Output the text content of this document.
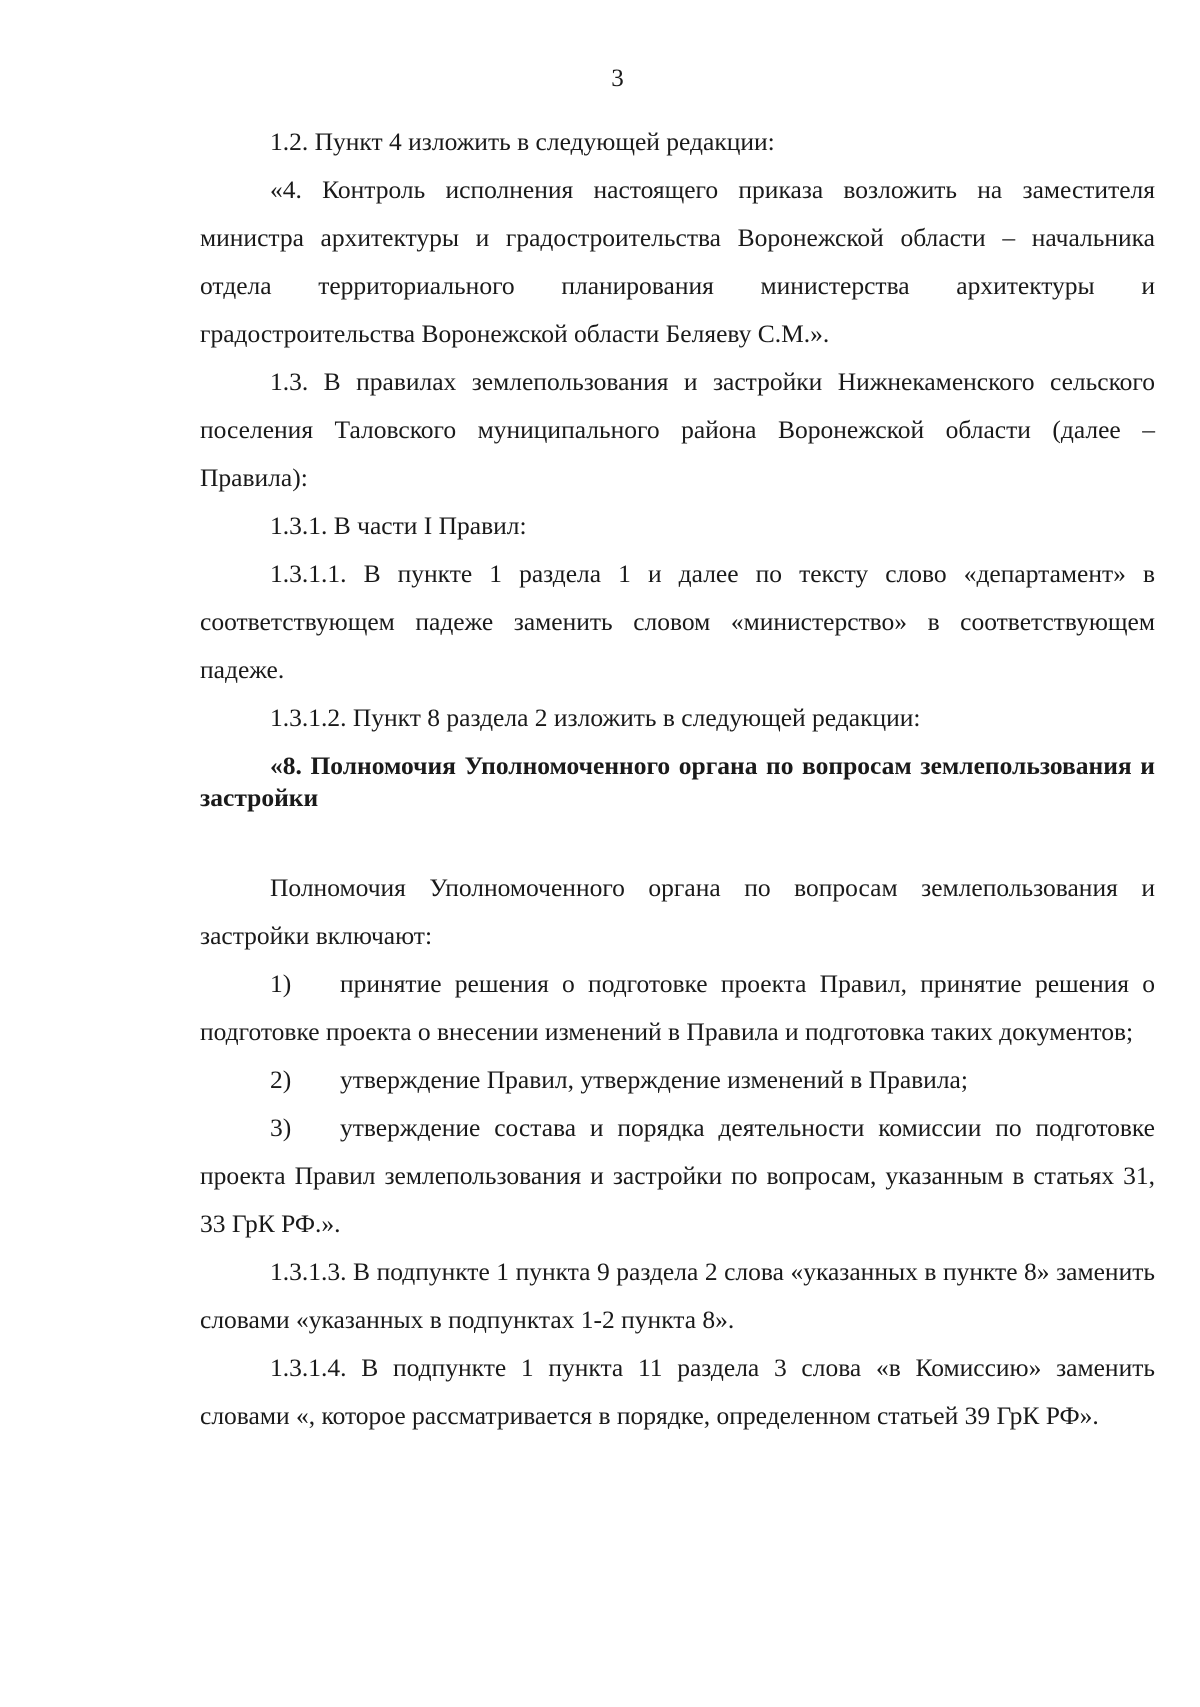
3

1.2. Пункт 4 изложить в следующей редакции:

«4. Контроль исполнения настоящего приказа возложить на заместителя министра архитектуры и градостроительства Воронежской области – начальника отдела территориального планирования министерства архитектуры и градостроительства Воронежской области Беляеву С.М.».

1.3. В правилах землепользования и застройки Нижнекаменского сельского поселения Таловского муниципального района Воронежской области (далее – Правила):

1.3.1. В части I Правил:

1.3.1.1. В пункте 1 раздела 1 и далее по тексту слово «департамент» в соответствующем падеже заменить словом «министерство» в соответствующем падеже.

1.3.1.2. Пункт 8 раздела 2 изложить в следующей редакции:

«8. Полномочия Уполномоченного органа по вопросам землепользования и застройки

Полномочия Уполномоченного органа по вопросам землепользования и застройки включают:

1) принятие решения о подготовке проекта Правил, принятие решения о подготовке проекта о внесении изменений в Правила и подготовка таких документов;

2) утверждение Правил, утверждение изменений в Правила;

3) утверждение состава и порядка деятельности комиссии по подготовке проекта Правил землепользования и застройки по вопросам, указанным в статьях 31, 33 ГрК РФ.».

1.3.1.3. В подпункте 1 пункта 9 раздела 2 слова «указанных в пункте 8» заменить словами «указанных в подпунктах 1-2 пункта 8».

1.3.1.4. В подпункте 1 пункта 11 раздела 3 слова «в Комиссию» заменить словами «, которое рассматривается в порядке, определенном статьей 39 ГрК РФ».
